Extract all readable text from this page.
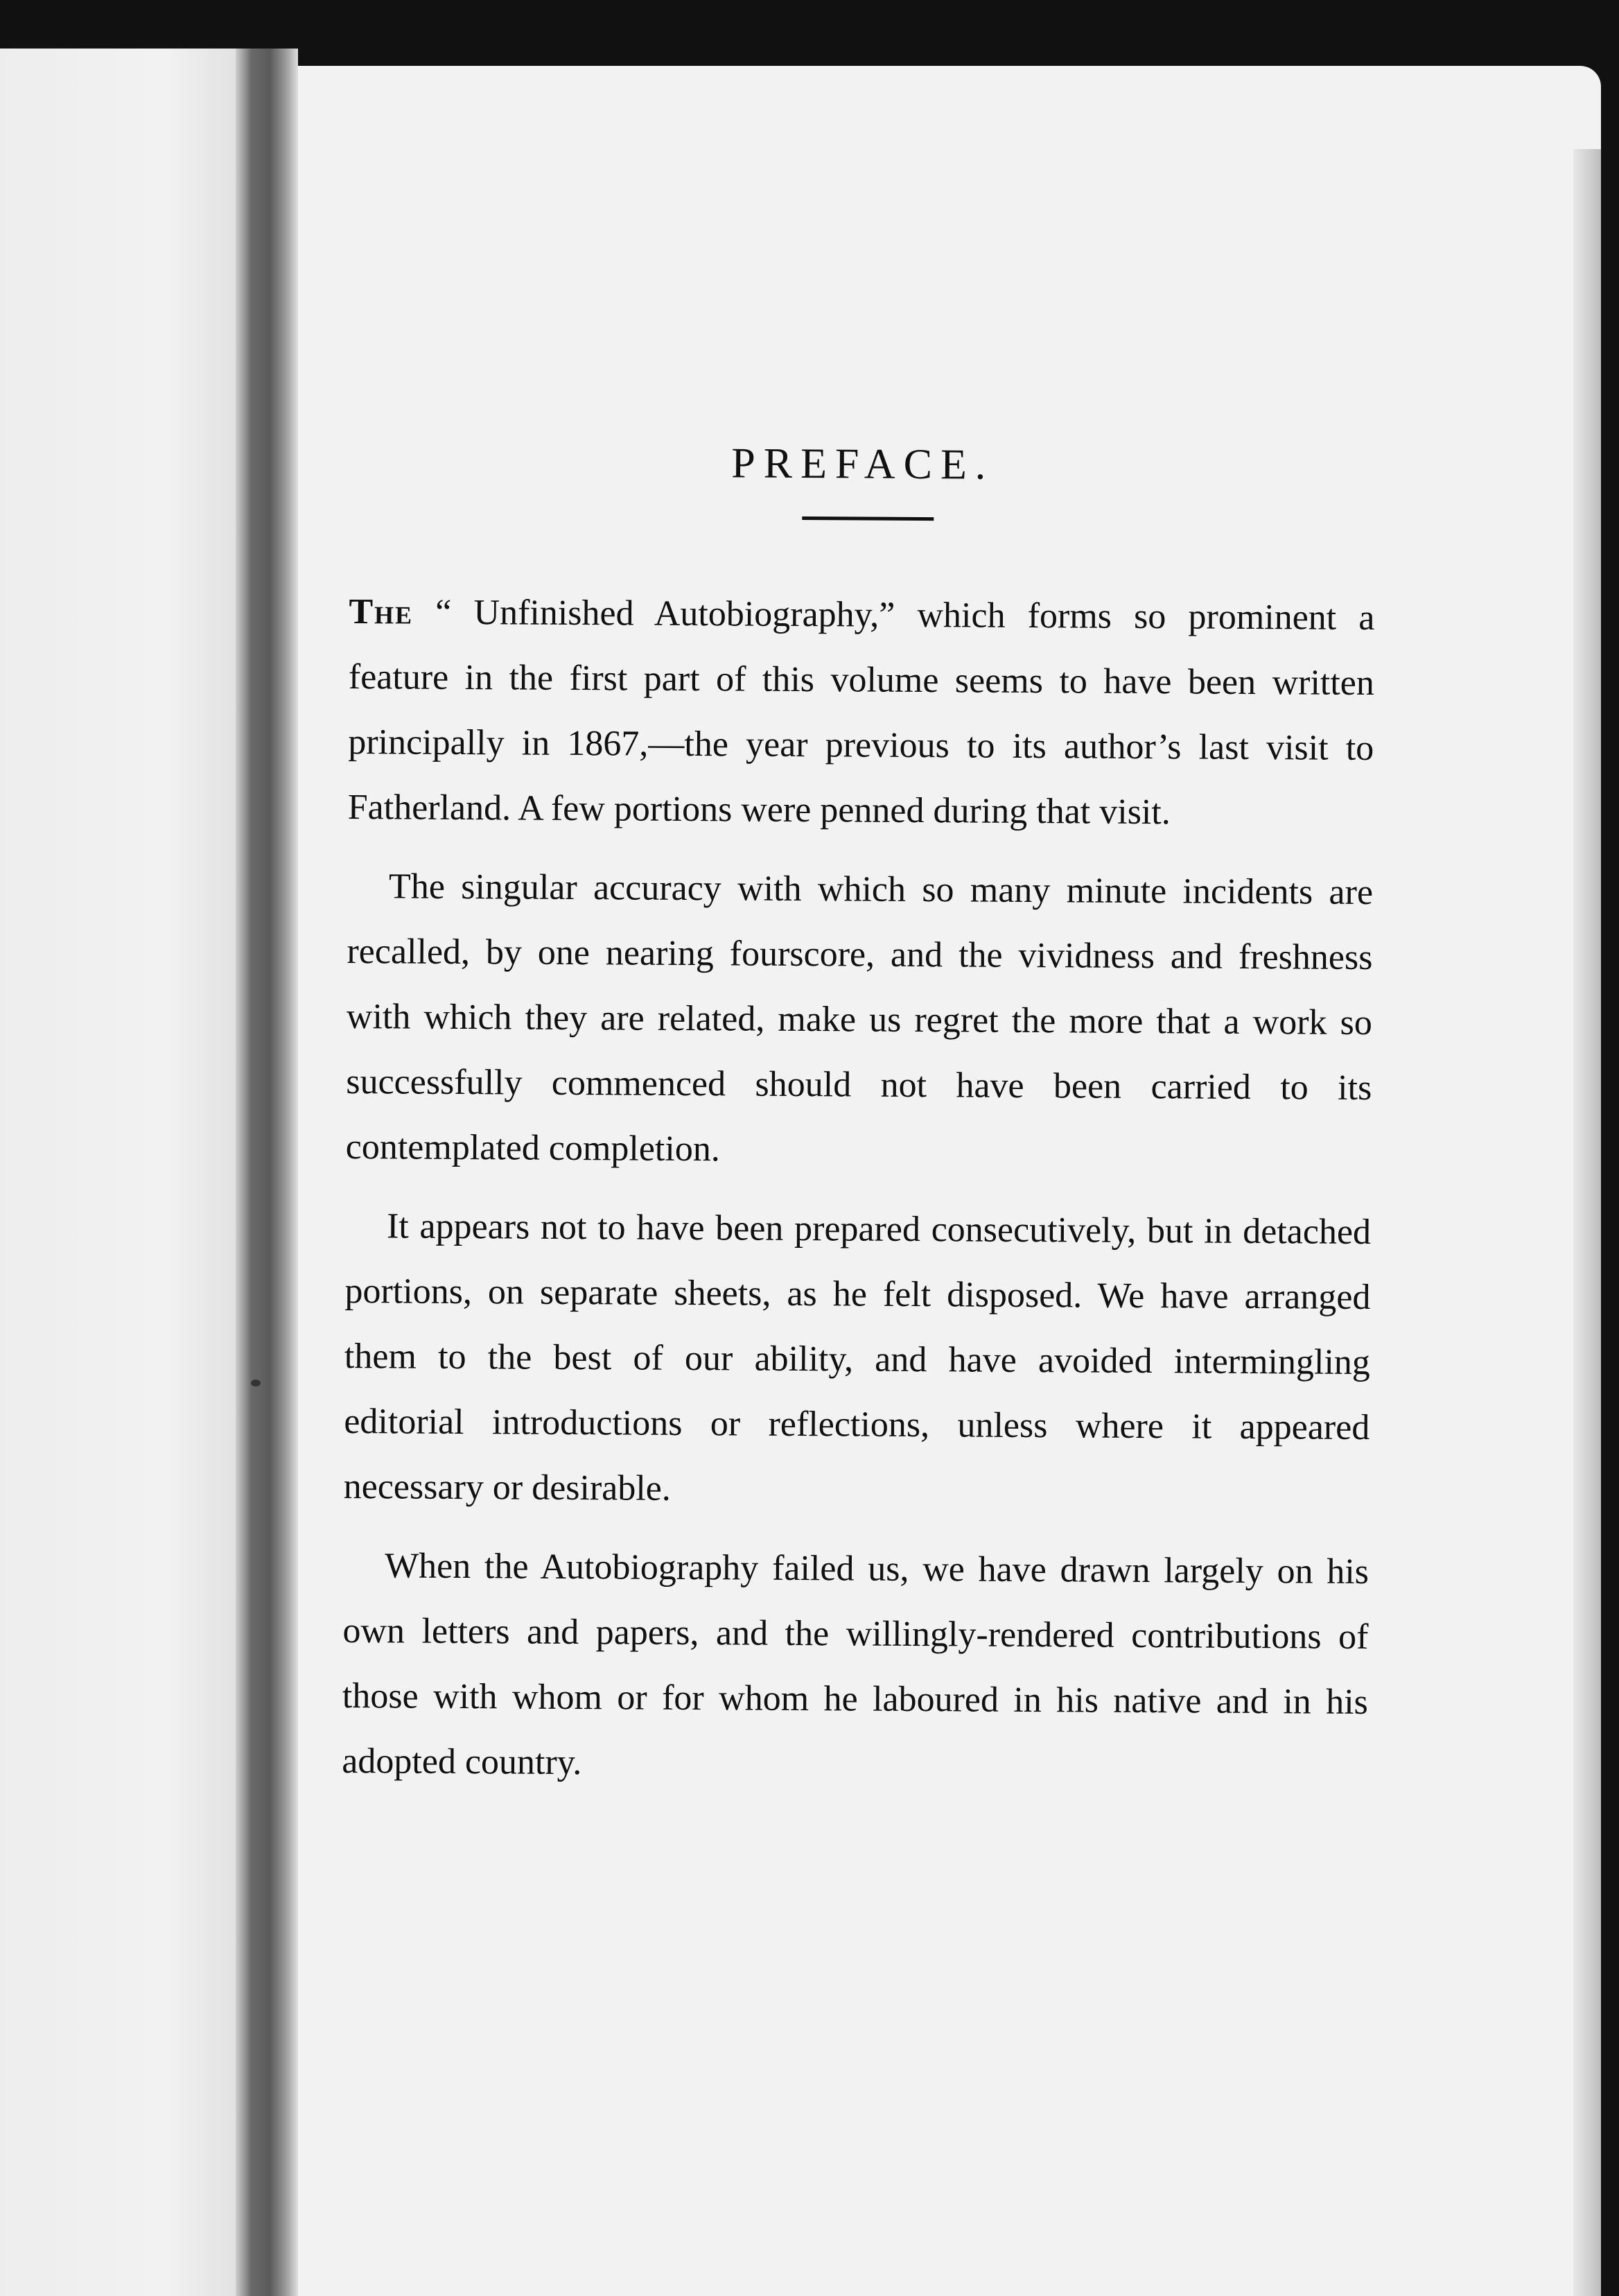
PREFACE.

The “ Unfinished Autobiography,” which forms so prominent a feature in the first part of this volume seems to have been written principally in 1867,—the year previous to its author’s last visit to Fatherland. A few portions were penned during that visit.

The singular accuracy with which so many minute incidents are recalled, by one nearing fourscore, and the vividness and freshness with which they are related, make us regret the more that a work so successfully commenced should not have been carried to its contemplated completion.

It appears not to have been prepared consecutively, but in detached portions, on separate sheets, as he felt disposed. We have arranged them to the best of our ability, and have avoided intermingling editorial introductions or reflections, unless where it appeared necessary or desirable.

When the Autobiography failed us, we have drawn largely on his own letters and papers, and the willingly-rendered contributions of those with whom or for whom he laboured in his native and in his adopted country.
